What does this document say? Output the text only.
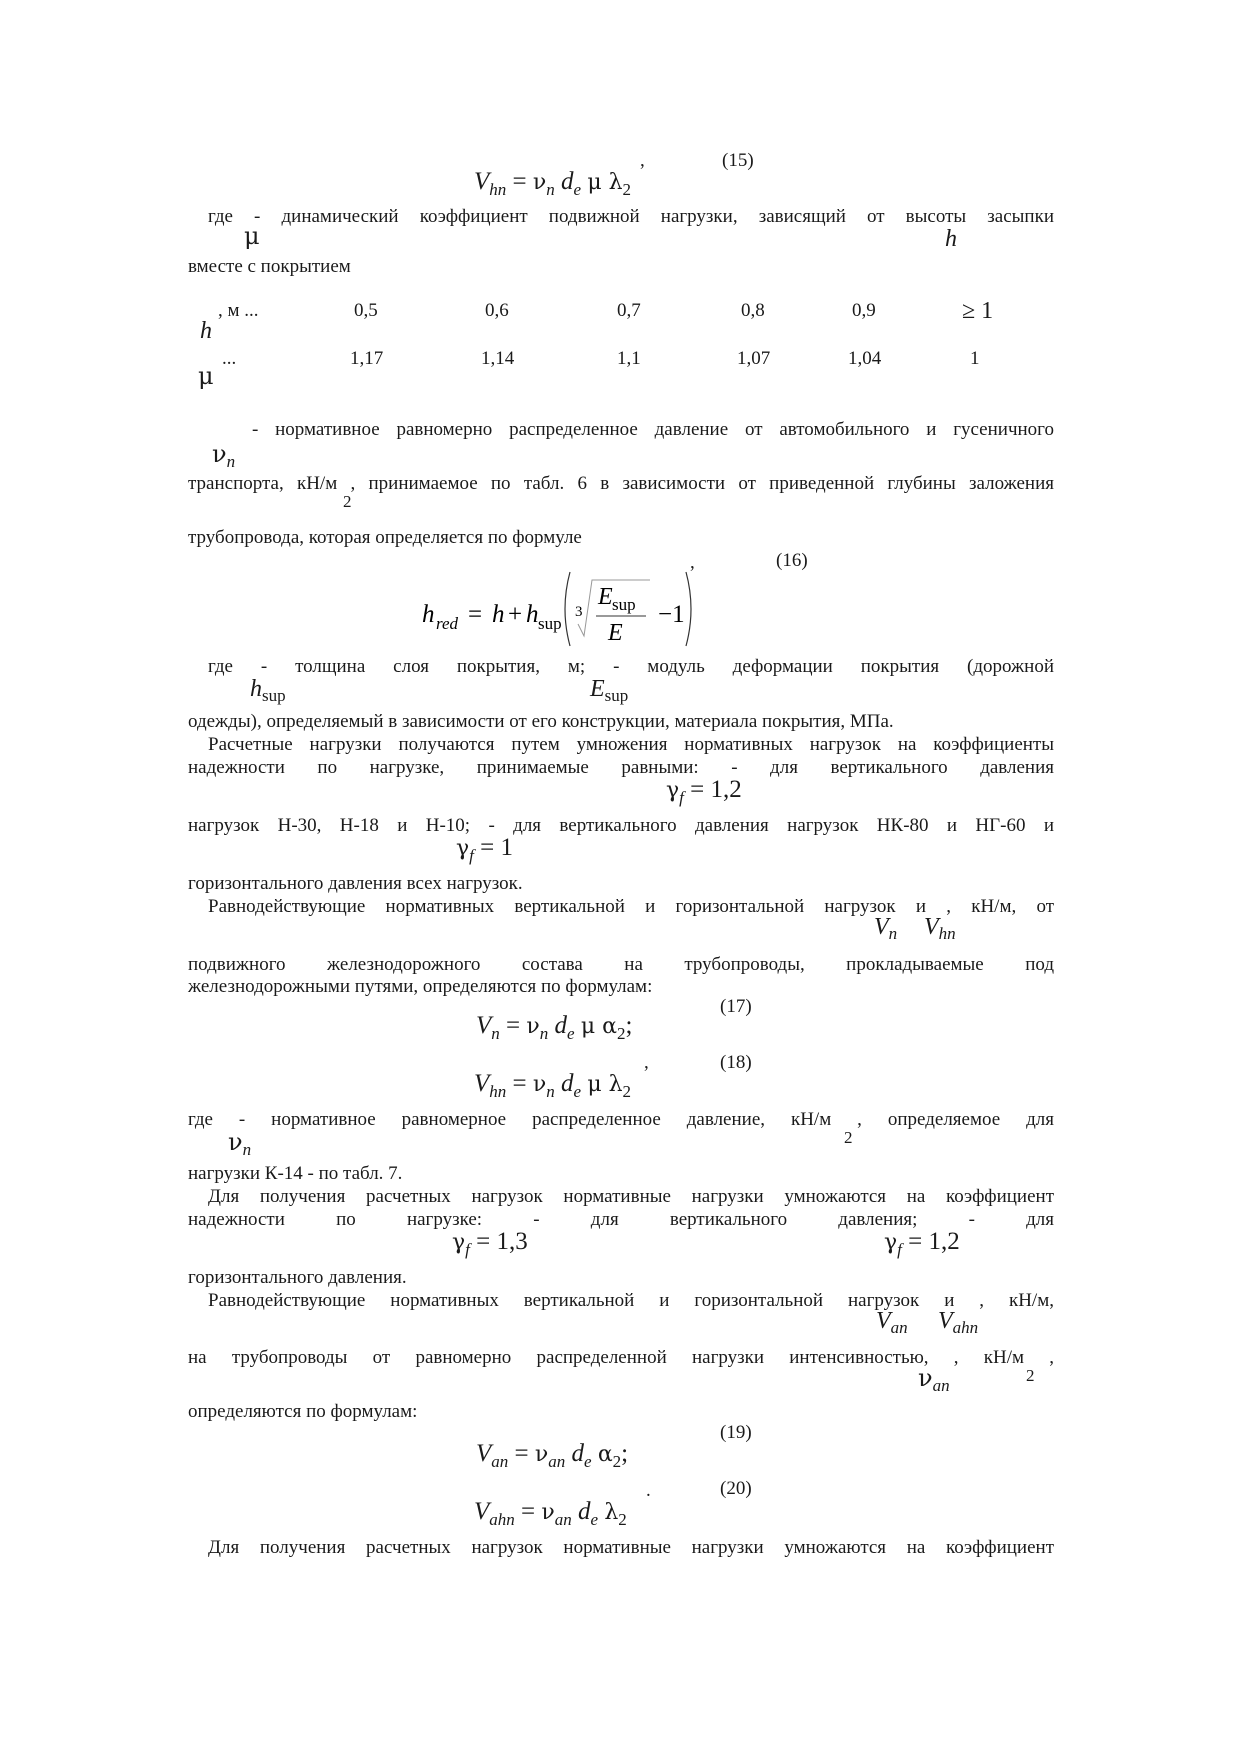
$V_{hn} = \nu_n$ $d_e$ μ $\lambda_2$
,	(15)
где - динамический коэффициент подвижной нагрузки, зависящий от высоты засыпки
μ	h
вместе с покрытием
h
, м ...	0,5	0,6	0,7	0,8	0,9	≥ 1
μ
...	1,17	1,14	1,1	1,07	1,04	1
$\nu_n$
- нормативное равномерно распределенное давление от автомобильного и гусеничного
транспорта, кН/м , принимаемое по табл. 6 в зависимости от приведенной глубины заложения
2
трубопровода, которая определяется по формуле
h red = h + h sup
3
E sup
E
−1
,	(16)
где - толщина слоя покрытия, м; - модуль деформации покрытия (дорожной
$h_{sup}$	$E_{sup}$
одежды), определяемый в зависимости от его конструкции, материала покрытия, МПа.
Расчетные нагрузки получаются путем умножения нормативных нагрузок на коэффициенты
надежности по нагрузке, принимаемые равными: - для вертикального давления
$\gamma_f = 1,2$
нагрузок Н-30, Н-18 и Н-10; - для вертикального давления нагрузок НК-80 и НГ-60 и
$\gamma_f = 1$
горизонтального давления всех нагрузок.
Равнодействующие нормативных вертикальной и горизонтальной нагрузок и , кН/м, от
$V_n$ $V_{hn}$
подвижного железнодорожного состава на трубопроводы, прокладываемые под
железнодорожными путями, определяются по формулам:
$V_n = \nu_n$ $d_e$ μ $\alpha_2$;
(17)
$V_{hn} = \nu_n$ $d_e$ μ $\lambda_2$
,	(18)
где - нормативное равномерное распределенное давление, кН/м , определяемое для
$\nu_n$
2
нагрузки К-14 - по табл. 7.
Для получения расчетных нагрузок нормативные нагрузки умножаются на коэффициент
надежности по нагрузке: - для вертикального давления; - для
$\gamma_f = 1,3$	$\gamma_f = 1,2$
горизонтального давления.
Равнодействующие нормативных вертикальной и горизонтальной нагрузок и , кН/м,
$V_{an}$ $V_{ahn}$
на трубопроводы от равномерно распределенной нагрузки интенсивностью, , кН/м ,
$\nu_{an}$
2
определяются по формулам:
$V_{an} = \nu_{an}$ $d_e$ $\alpha_2$;
(19)
$V_{ahn} = \nu_{an}$ $d_e$ $\lambda_2$
.	(20)
Для получения расчетных нагрузок нормативные нагрузки умножаются на коэффициент
